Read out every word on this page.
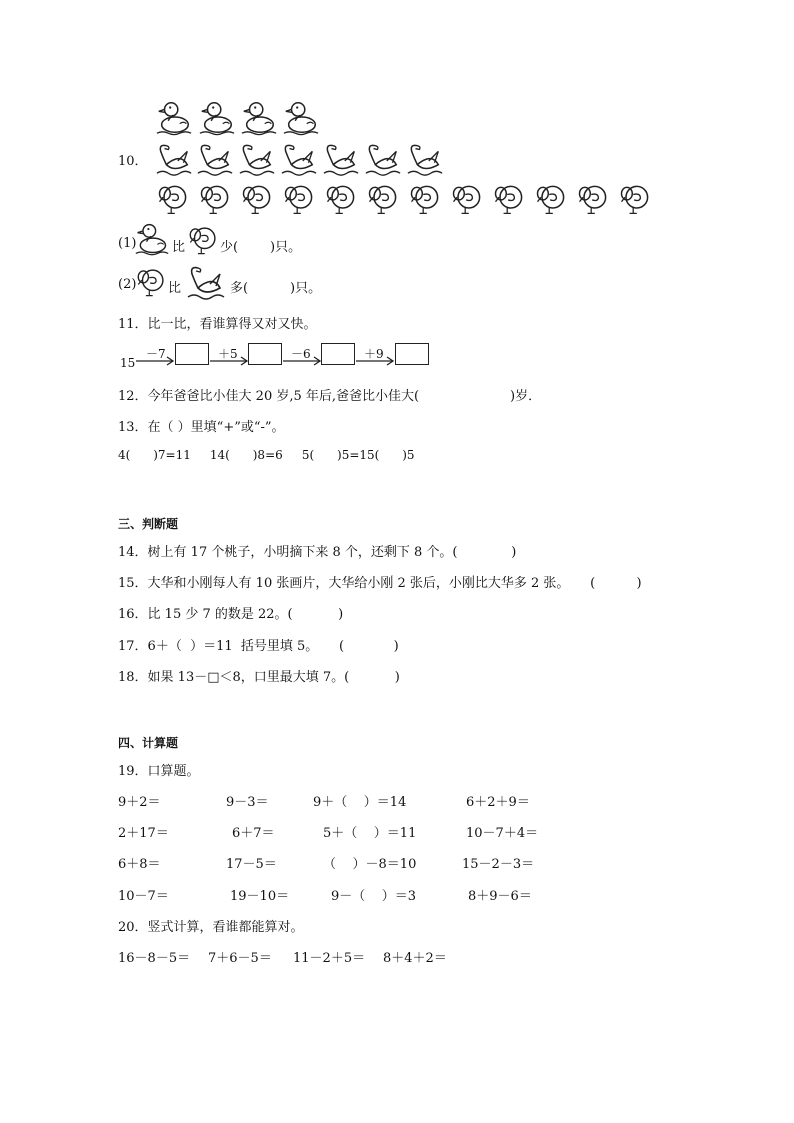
10．
(1)	比	少( )只。
(2) 比	多(	)只。
11．比一比，看谁算得又对又快。
15
－7	＋5	－6	＋9
12．今年爸爸比小佳大 20 岁,5 年后,爸爸比小佳大(	)岁．
13．在（ ）里填“+”或“-”。
4(      )7=11     14(      )8=6     5(      )5=15(      )5
三、判断题
14．树上有 17 个桃子，小明摘下来 8 个，还剩下 8 个。(             )
15．大华和小刚每人有 10 张画片，大华给小刚 2 张后，小刚比大华多 2 张。     (          )
16．比 15 少 7 的数是 22。(           )
17．6＋（  ）＝11  括号里填 5。     (            )
18．如果 13－□＜8，口里最大填 7。(           )
四、计算题
19．口算题。
9＋2＝	9－3＝	9＋（    ）＝14	6＋2＋9＝
2＋17＝	6＋7＝	5＋（    ）＝11	10－7＋4＝
6＋8＝	17－5＝	（    ）－8＝10	15－2－3＝
10－7＝	19－10＝	9－（    ）＝3	8＋9－6＝
20．竖式计算，看谁都能算对。
16－8－5＝ 7＋6－5＝ 11－2＋5＝ 8＋4＋2＝
